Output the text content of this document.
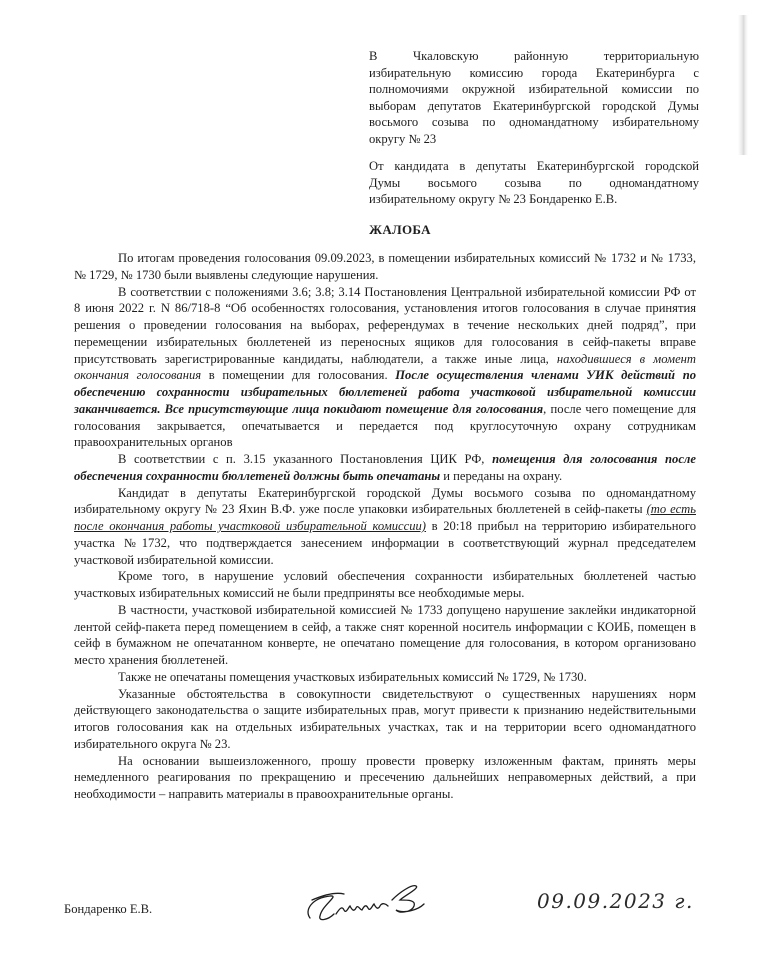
В Чкаловскую районную территориальную
избирательную комиссию города Екатеринбурга с
полномочиями окружной избирательной комиссии по
выборам депутатов Екатеринбургской городской Думы
восьмого созыва по одномандатному избирательному
округу № 23
От кандидата в депутаты Екатеринбургской городской
Думы восьмого созыва по одномандатному
избирательному округу № 23 Бондаренко Е.В.
ЖАЛОБА

По итогам проведения голосования 09.09.2023, в помещении избирательных комиссий № 1732 и № 1733, № 1729, № 1730 были выявлены следующие нарушения.

В соответствии с положениями 3.6; 3.8; 3.14 Постановления Центральной избирательной комиссии РФ от 8 июня 2022 г. N 86/718-8 “Об особенностях голосования, установления итогов голосования в случае принятия решения о проведении голосования на выборах, референдумах в течение нескольких дней подряд”, при перемещении избирательных бюллетеней из переносных ящиков для голосования в сейф-пакеты вправе присутствовать зарегистрированные кандидаты, наблюдатели, а также иные лица, находившиеся в момент окончания голосования в помещении для голосования. После осуществления членами УИК действий по обеспечению сохранности избирательных бюллетеней работа участковой избирательной комиссии заканчивается. Все присутствующие лица покидают помещение для голосования, после чего помещение для голосования закрывается, опечатывается и передается под круглосуточную охрану сотрудникам правоохранительных органов

В соответствии с п. 3.15 указанного Постановления ЦИК РФ, помещения для голосования после обеспечения сохранности бюллетеней должны быть опечатаны и переданы на охрану.

Кандидат в депутаты Екатеринбургской городской Думы восьмого созыва по одномандатному избирательному округу № 23 Яхин В.Ф. уже после упаковки избирательных бюллетеней в сейф-пакеты (то есть после окончания работы участковой избирательной комиссии) в 20:18 прибыл на территорию избирательного участка №1732, что подтверждается занесением информации в соответствующий журнал председателем участковой избирательной комиссии.

Кроме того, в нарушение условий обеспечения сохранности избирательных бюллетеней частью участковых избирательных комиссий не были предприняты все необходимые меры.

В частности, участковой избирательной комиссией № 1733 допущено нарушение заклейки индикаторной лентой сейф-пакета перед помещением в сейф, а также снят коренной носитель информации с КОИБ, помещен в сейф в бумажном не опечатанном конверте, не опечатано помещение для голосования, в котором организовано место хранения бюллетеней.

Также не опечатаны помещения участковых избирательных комиссий № 1729, № 1730.

Указанные обстоятельства в совокупности свидетельствуют о существенных нарушениях норм действующего законодательства о защите избирательных прав, могут привести к признанию недействительными итогов голосования как на отдельных избирательных участках, так и на территории всего одномандатного избирательного округа № 23.

На основании вышеизложенного, прошу провести проверку изложенным фактам, принять меры немедленного реагирования по прекращению и пресечению дальнейших неправомерных действий, а при необходимости – направить материалы в правоохранительные органы.

Бондаренко Е.В.	09.09.2023 г.
